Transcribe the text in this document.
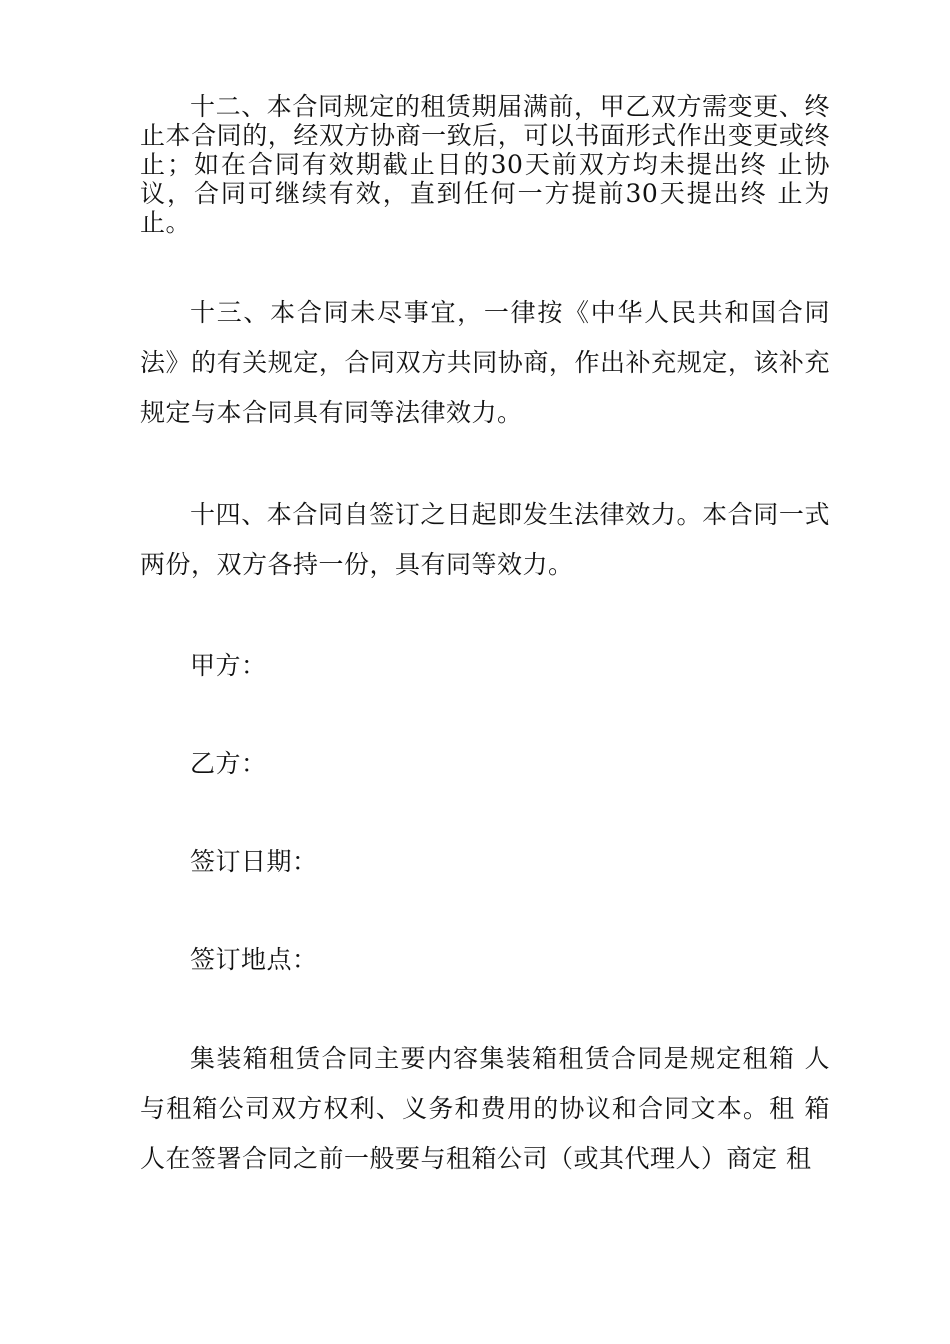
十二、本合同规定的租赁期届满前，甲乙双方需变更、终止本合同的，经双方协商一致后，可以书面形式作出变更或终止；如在合同有效期截止日的30天前双方均未提出终 止协议，合同可继续有效，直到任何一方提前30天提出终 止为止。

十三、本合同未尽事宜，一律按《中华人民共和国合同法》的有关规定，合同双方共同协商，作出补充规定，该补充规定与本合同具有同等法律效力。

十四、本合同自签订之日起即发生法律效力。本合同一式两份，双方各持一份，具有同等效力。

甲方：

乙方：

签订日期：

签订地点：

集装箱租赁合同主要内容集装箱租赁合同是规定租箱 人与租箱公司双方权利、义务和费用的协议和合同文本。租 箱人在签署合同之前一般要与租箱公司（或其代理人）商定 租
